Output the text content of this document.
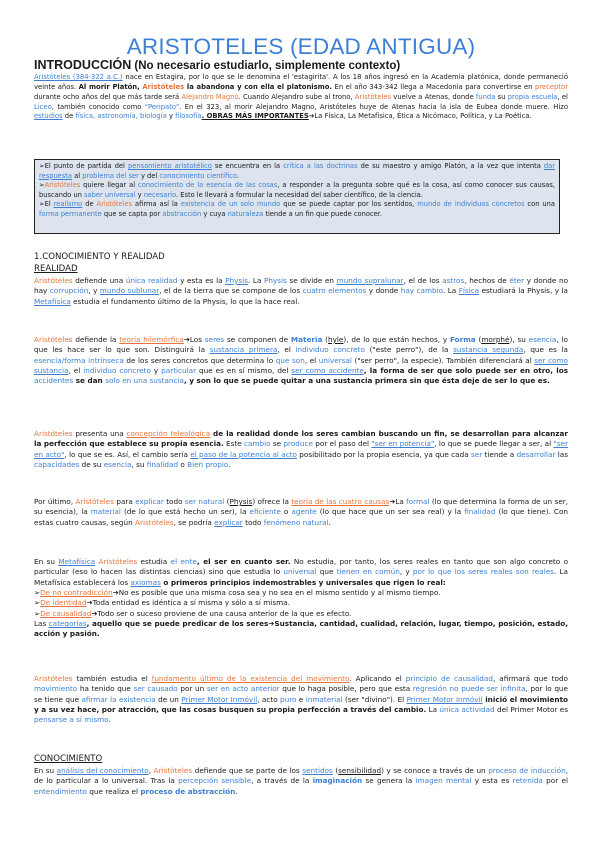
ARISTOTELES (EDAD ANTIGUA)
INTRODUCCIÓN (No necesario estudiarlo, simplemente contexto)
Aristóteles (384-322 a.C.) nace en Estagira, por lo que se le denomina el 'estagirita'. A los 18 años ingresó en la Academia platónica, donde permaneció veinte años. Al morir Platón, Aristóteles la abandona y con ella el platonismo. En el año 343-342 llega a Macedonia para convertirse en preceptor durante ocho años del que más tarde será Alejandro Magno. Cuando Alejandro sube al trono, Aristóteles vuelve a Atenas, donde funda su propia escuela, el Liceo, también conocido como "Peripato". En el 323, al morir Alejandro Magno, Aristóteles huye de Atenas hacia la isla de Eubea donde muere. Hizo estudios de física, astronomía, biología y filosofía. OBRAS MÁS IMPORTANTES➔La Física, La Metafísica, Ética a Nicómaco, Política, y La Poética.
➢El punto de partida del pensamiento aristotélico se encuentra en la crítica a las doctrinas de su maestro y amigo Platón, a la vez que intenta dar respuesta al problema del ser y del conocimiento científico.
➢Aristóteles quiere llegar al conocimiento de la esencia de las cosas, a responder a la pregunta sobre qué es la cosa, así como conocer sus causas, buscando un saber universal y necesario. Esto le llevará a formular la necesidad del saber científico, de la ciencia.
➢El realismo de Aristóteles afirma así la existencia de un solo mundo que se puede captar por los sentidos, mundo de individuos concretos con una forma permanente que se capta por abstracción y cuya naturaleza tiende a un fin que puede conocer.
1.CONOCIMIENTO Y REALIDAD
REALIDAD
Aristóteles defiende una única realidad y esta es la Physis. La Physis se divide en mundo supralunar, el de los astros, hechos de éter y donde no hay corrupción, y mundo sublunar, el de la tierra que se compone de los cuatro elementos y donde hay cambio. La Física estudiará la Physis, y la Metafísica estudia el fundamento último de la Physis, lo que la hace real.
Aristóteles defiende la teoría hilemórfica➔Los seres se componen de Materia (hyle), de lo que están hechos, y Forma (morphé), su esencia, lo que les hace ser lo que son. Distinguirá la sustancia primera, el individuo concreto ("este perro"), de la sustancia segunda, que es la esencia/forma intrínseca de los seres concretos que determina lo que son, el universal ("ser perro", la especie). También diferenciará al ser como sustancia, el individuo concreto y particular que es en sí mismo, del ser como accidente, la forma de ser que solo puede ser en otro, los accidentes se dan solo en una sustancia, y son lo que se puede quitar a una sustancia primera sin que ésta deje de ser lo que es.
Aristóteles presenta una concepción teleológica de la realidad donde los seres cambian buscando un fin, se desarrollan para alcanzar la perfección que establece su propia esencia. Este cambio se produce por el paso del "ser en potencia", lo que se puede llegar a ser, al "ser en acto", lo que se es. Así, el cambio sería el paso de la potencia al acto posibilitado por la propia esencia, ya que cada ser tiende a desarrollar las capacidades de su esencia, su finalidad o Bien propio.
Por último, Aristóteles para explicar todo ser natural (Physis) ofrece la teoría de las cuatro causas➔La formal (lo que determina la forma de un ser, su esencia), la material (de lo que está hecho un ser), la eficiente o agente (lo que hace que un ser sea real) y la finalidad (lo que tiene). Con estas cuatro causas, según Aristóteles, se podría explicar todo fenómeno natural.
En su Metafísica Aristóteles estudia el ente, el ser en cuanto ser. No estudia, por tanto, los seres reales en tanto que son algo concreto o particular (eso lo hacen las distintas ciencias) sino que estudia lo universal que tienen en común, y por lo que los seres reales son reales. La Metafísica establecerá los axiomas o primeros principios indemostrables y universales que rigen lo real:
➢De no contradicción➔No es posible que una misma cosa sea y no sea en el mismo sentido y al mismo tiempo.
➢De identidad➔Toda entidad es idéntica a sí misma y sólo a sí misma.
➢De causalidad➔Todo ser o suceso proviene de una causa anterior de la que es efecto.
Las categorías, aquello que se puede predicar de los seres➔Sustancia, cantidad, cualidad, relación, lugar, tiempo, posición, estado, acción y pasión.
Aristóteles también estudia el fundamento último de la existencia del movimiento. Aplicando el principio de causalidad, afirmará que todo movimiento ha tenido que ser causado por un ser en acto anterior que lo haga posible, pero que esta regresión no puede ser infinita, por lo que se tiene que afirmar la existencia de un Primer Motor Inmóvil, acto puro e inmaterial (ser "divino"). El Primer Motor Inmóvil inició el movimiento y a su vez hace, por atracción, que las cosas busquen su propia perfección a través del cambio. La única actividad del Primer Motor es pensarse a sí mismo.
CONOCIMIENTO
En su análisis del conocimiento, Aristóteles defiende que se parte de los sentidos (sensibilidad) y se conoce a través de un proceso de inducción, de lo particular a lo universal. Tras la percepción sensible, a través de la imaginación se genera la imagen mental y esta es retenida por el entendimiento que realiza el proceso de abstracción.
